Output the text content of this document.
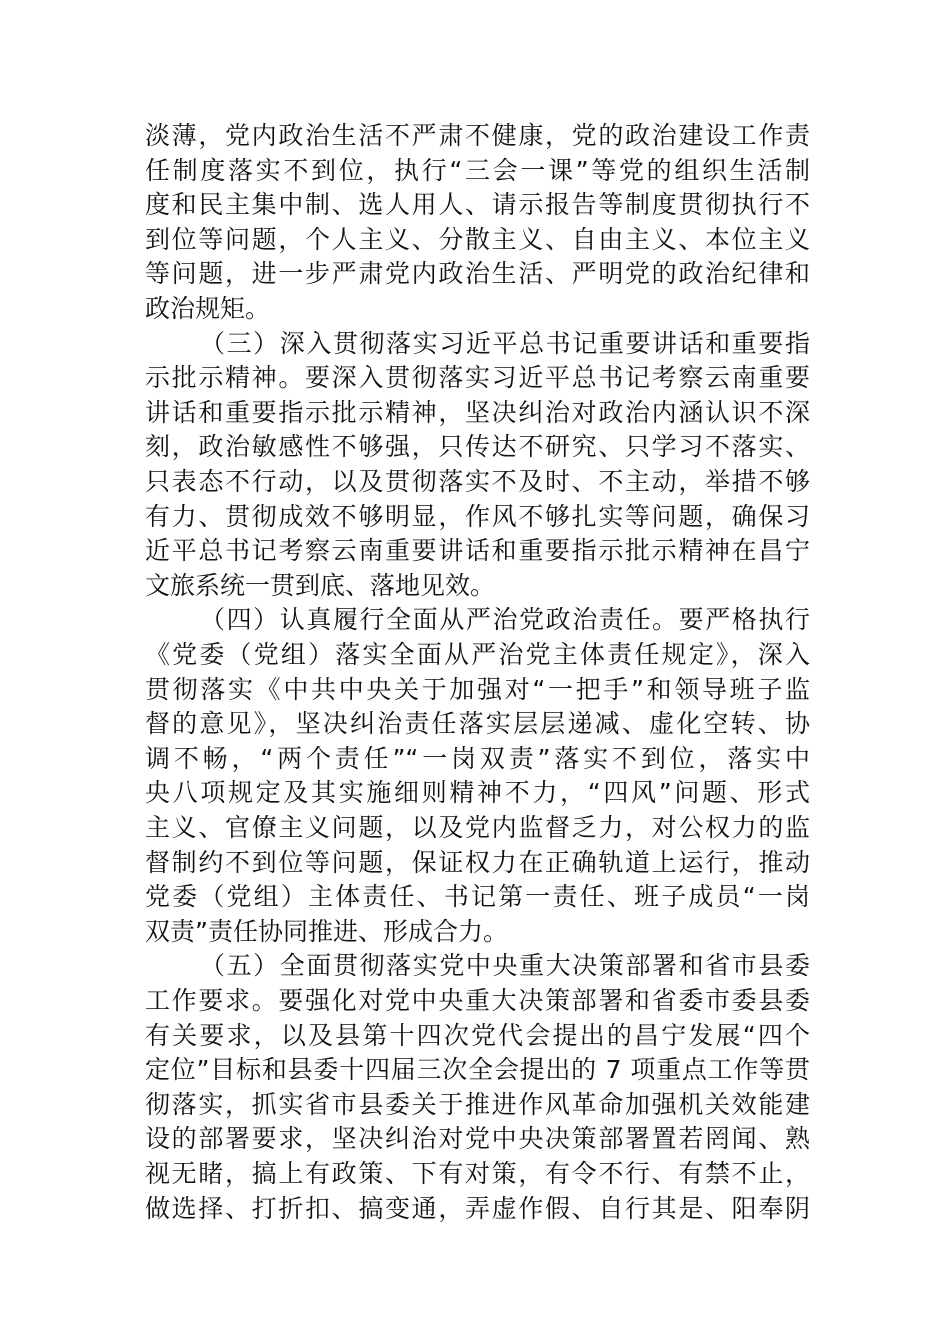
淡薄，党内政治生活不严肃不健康，党的政治建设工作责
任制度落实不到位，执行“三会一课”等党的组织生活制
度和民主集中制、选人用人、请示报告等制度贯彻执行不
到位等问题，个人主义、分散主义、自由主义、本位主义
等问题，进一步严肃党内政治生活、严明党的政治纪律和
政治规矩。
（三）深入贯彻落实习近平总书记重要讲话和重要指
示批示精神。要深入贯彻落实习近平总书记考察云南重要
讲话和重要指示批示精神，坚决纠治对政治内涵认识不深
刻，政治敏感性不够强，只传达不研究、只学习不落实、
只表态不行动，以及贯彻落实不及时、不主动，举措不够
有力、贯彻成效不够明显，作风不够扎实等问题，确保习
近平总书记考察云南重要讲话和重要指示批示精神在昌宁
文旅系统一贯到底、落地见效。
（四）认真履行全面从严治党政治责任。要严格执行
《党委（党组）落实全面从严治党主体责任规定》，深入
贯彻落实《中共中央关于加强对“一把手”和领导班子监
督的意见》，坚决纠治责任落实层层递减、虚化空转、协
调不畅，“两个责任”“一岗双责”落实不到位，落实中
央八项规定及其实施细则精神不力，“四风”问题、形式
主义、官僚主义问题，以及党内监督乏力，对公权力的监
督制约不到位等问题，保证权力在正确轨道上运行，推动
党委（党组）主体责任、书记第一责任、班子成员“一岗
双责”责任协同推进、形成合力。
（五）全面贯彻落实党中央重大决策部署和省市县委
工作要求。要强化对党中央重大决策部署和省委市委县委
有关要求，以及县第十四次党代会提出的昌宁发展“四个
定位”目标和县委十四届三次全会提出的 7 项重点工作等贯
彻落实，抓实省市县委关于推进作风革命加强机关效能建
设的部署要求，坚决纠治对党中央决策部署置若罔闻、熟
视无睹，搞上有政策、下有对策，有令不行、有禁不止，
做选择、打折扣、搞变通，弄虚作假、自行其是、阳奉阴
